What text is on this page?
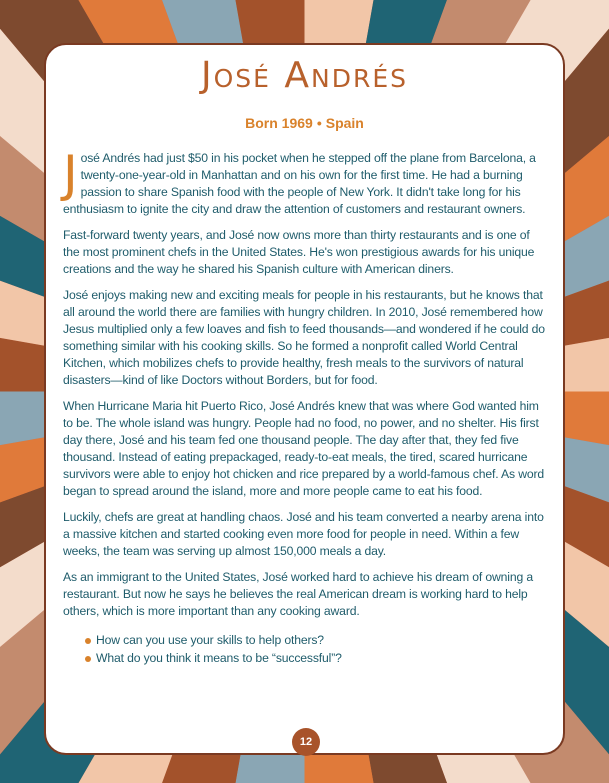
José Andrés
Born 1969 • Spain

José Andrés had just $50 in his pocket when he stepped off the plane from Barcelona, a twenty-one-year-old in Manhattan and on his own for the first time. He had a burning passion to share Spanish food with the people of New York. It didn't take long for his enthusiasm to ignite the city and draw the attention of customers and restaurant owners.

Fast-forward twenty years, and José now owns more than thirty restaurants and is one of the most prominent chefs in the United States. He's won prestigious awards for his unique creations and the way he shared his Spanish culture with American diners.

José enjoys making new and exciting meals for people in his restaurants, but he knows that all around the world there are families with hungry children. In 2010, José remembered how Jesus multiplied only a few loaves and fish to feed thousands—and wondered if he could do something similar with his cooking skills. So he formed a nonprofit called World Central Kitchen, which mobilizes chefs to provide healthy, fresh meals to the survivors of natural disasters—kind of like Doctors without Borders, but for food.

When Hurricane Maria hit Puerto Rico, José Andrés knew that was where God wanted him to be. The whole island was hungry. People had no food, no power, and no shelter. His first day there, José and his team fed one thousand people. The day after that, they fed five thousand. Instead of eating prepackaged, ready-to-eat meals, the tired, scared hurricane survivors were able to enjoy hot chicken and rice prepared by a world-famous chef. As word began to spread around the island, more and more people came to eat his food.

Luckily, chefs are great at handling chaos. José and his team converted a nearby arena into a massive kitchen and started cooking even more food for people in need. Within a few weeks, the team was serving up almost 150,000 meals a day.

As an immigrant to the United States, José worked hard to achieve his dream of owning a restaurant. But now he says he believes the real American dream is working hard to help others, which is more important than any cooking award.

How can you use your skills to help others?
What do you think it means to be “successful”?
12
